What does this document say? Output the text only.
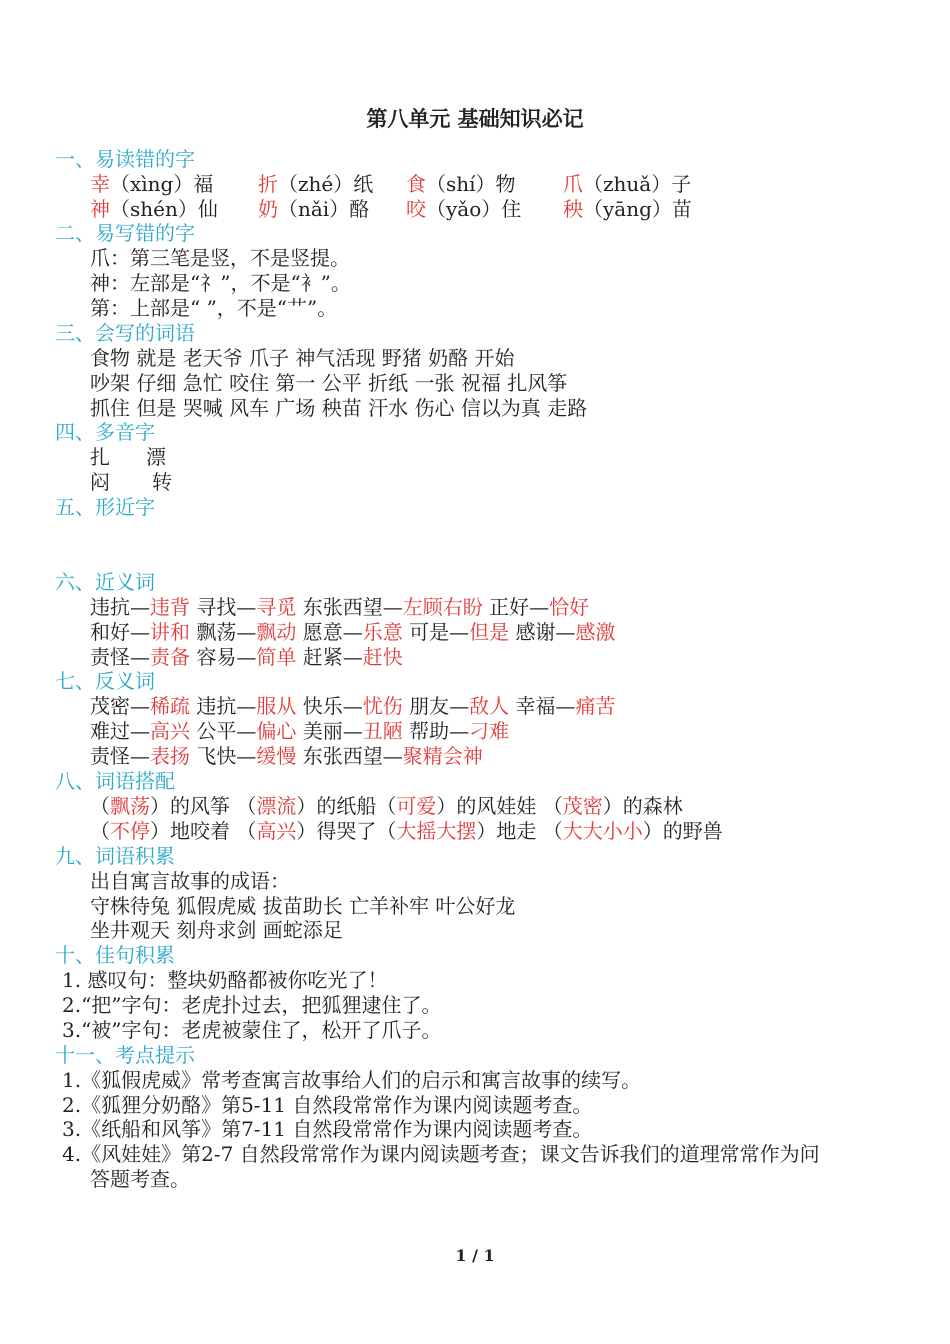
第八单元 基础知识必记
一、易读错的字
幸（xìng）福 折（zhé）纸 食（shí）物 爪（zhuǎ）子
神（shén）仙 奶（nǎi）酪 咬（yǎo）住 秧（yāng）苗
二、易写错的字
爪：第三笔是竖，不是竖提。
神：左部是“礻”，不是“衤”。
第：上部是“ ”，不是“艹”。
三、会写的词语
食物 就是 老天爷 爪子 神气活现 野猪 奶酪 开始
吵架 仔细 急忙 咬住 第一 公平 折纸 一张 祝福 扎风筝
抓住 但是 哭喊 风车 广场 秧苗 汗水 伤心 信以为真 走路
四、多音字
扎 漂
闷 转
五、形近字
六、近义词
违抗—违背 寻找—寻觅 东张西望—左顾右盼 正好—恰好
和好—讲和 飘荡—飘动 愿意—乐意 可是—但是 感谢—感激
责怪—责备 容易—简单 赶紧—赶快
七、反义词
茂密—稀疏 违抗—服从 快乐—忧伤 朋友—敌人 幸福—痛苦
难过—高兴 公平—偏心 美丽—丑陋 帮助—刁难
责怪—表扬 飞快—缓慢 东张西望—聚精会神
八、词语搭配
（飘荡）的风筝 （漂流）的纸船（可爱）的风娃娃 （茂密）的森林
（不停）地咬着 （高兴）得哭了（大摇大摆）地走 （大大小小）的野兽
九、词语积累
出自寓言故事的成语：
守株待兔 狐假虎威 拔苗助长 亡羊补牢 叶公好龙
坐井观天 刻舟求剑 画蛇添足
十、佳句积累
1. 感叹句：整块奶酪都被你吃光了！
2.“把”字句：老虎扑过去，把狐狸逮住了。
3.“被”字句：老虎被蒙住了，松开了爪子。
十一、考点提示
1.《狐假虎威》常考查寓言故事给人们的启示和寓言故事的续写。
2.《狐狸分奶酪》第5-11 自然段常常作为课内阅读题考查。
3.《纸船和风筝》第7-11 自然段常常作为课内阅读题考查。
4.《风娃娃》第2-7 自然段常常作为课内阅读题考查；课文告诉我们的道理常常作为问
答题考查。
1 / 1
